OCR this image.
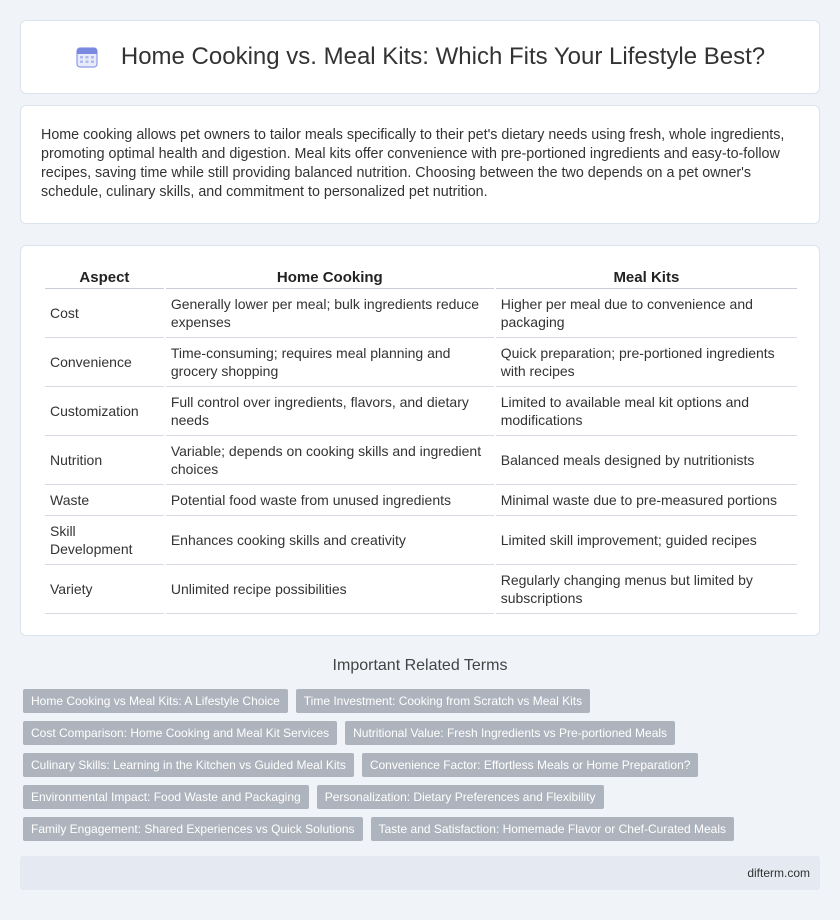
Home Cooking vs. Meal Kits: Which Fits Your Lifestyle Best?

Home cooking allows pet owners to tailor meals specifically to their pet's dietary needs using fresh, whole ingredients, promoting optimal health and digestion. Meal kits offer convenience with pre-portioned ingredients and easy-to-follow recipes, saving time while still providing balanced nutrition. Choosing between the two depends on a pet owner's schedule, culinary skills, and commitment to personalized pet nutrition.

Aspect	Home Cooking	Meal Kits
Cost	Generally lower per meal; bulk ingredients reduce expenses	Higher per meal due to convenience and packaging
Convenience	Time-consuming; requires meal planning and grocery shopping	Quick preparation; pre-portioned ingredients with recipes
Customization	Full control over ingredients, flavors, and dietary needs	Limited to available meal kit options and modifications
Nutrition	Variable; depends on cooking skills and ingredient choices	Balanced meals designed by nutritionists
Waste	Potential food waste from unused ingredients	Minimal waste due to pre-measured portions
Skill Development	Enhances cooking skills and creativity	Limited skill improvement; guided recipes
Variety	Unlimited recipe possibilities	Regularly changing menus but limited by subscriptions
Important Related Terms
Home Cooking vs Meal Kits: A Lifestyle Choice	Time Investment: Cooking from Scratch vs Meal Kits
Cost Comparison: Home Cooking and Meal Kit Services	Nutritional Value: Fresh Ingredients vs Pre-portioned Meals
Culinary Skills: Learning in the Kitchen vs Guided Meal Kits	Convenience Factor: Effortless Meals or Home Preparation?
Environmental Impact: Food Waste and Packaging	Personalization: Dietary Preferences and Flexibility
Family Engagement: Shared Experiences vs Quick Solutions	Taste and Satisfaction: Homemade Flavor or Chef-Curated Meals
difterm.com
